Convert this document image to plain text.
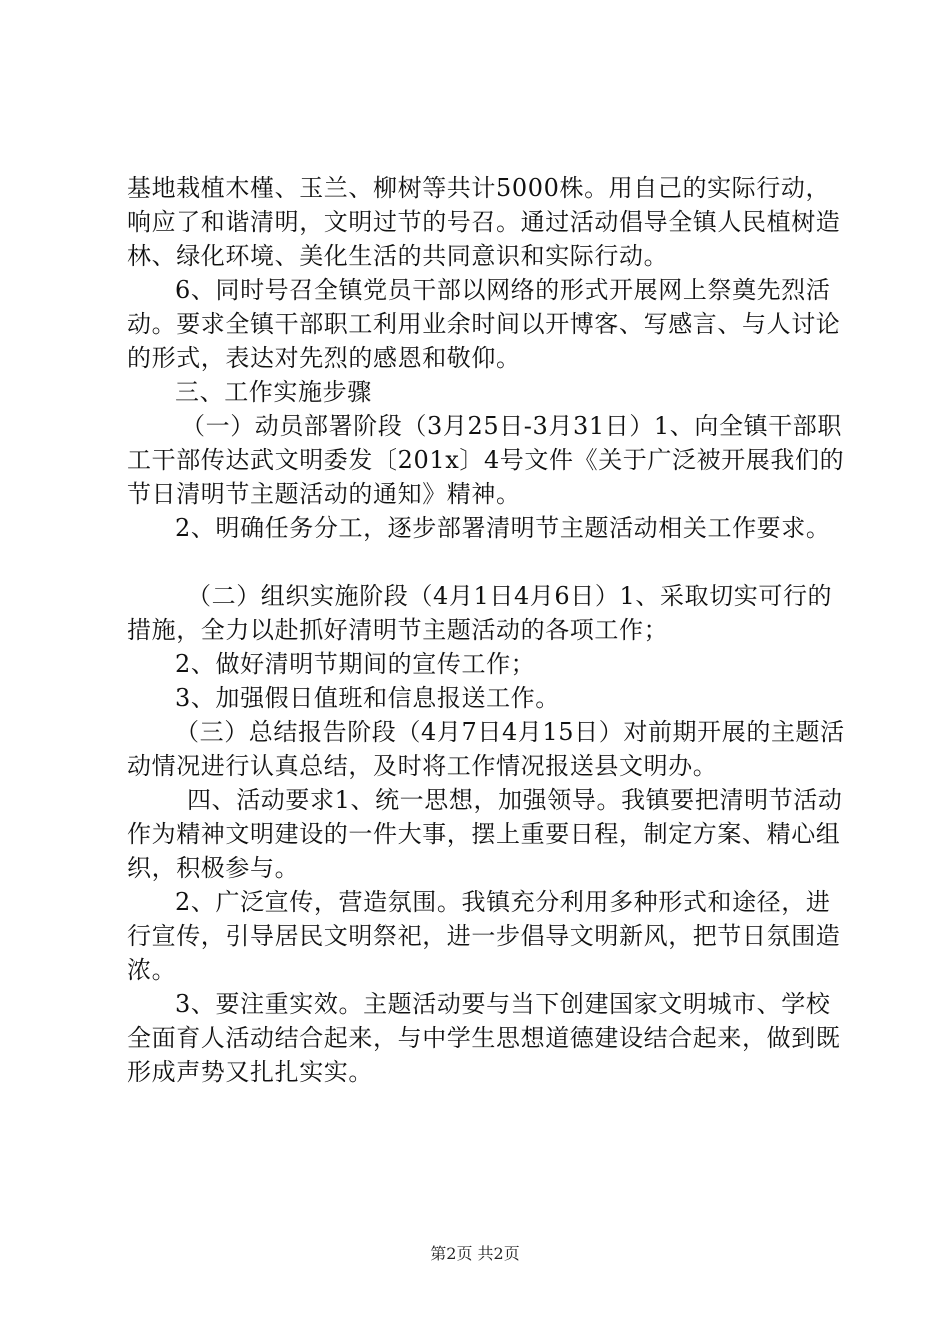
基地栽植木槿、玉兰、柳树等共计5000株。用自己的实际行动，响应了和谐清明，文明过节的号召。通过活动倡导全镇人民植树造林、绿化环境、美化生活的共同意识和实际行动。

6、同时号召全镇党员干部以网络的形式开展网上祭奠先烈活动。要求全镇干部职工利用业余时间以开博客、写感言、与人讨论的形式，表达对先烈的感恩和敬仰。

三、工作实施步骤

（一）动员部署阶段（3月25日-3月31日）1、向全镇干部职工干部传达武文明委发〔201x〕4号文件《关于广泛被开展我们的节日清明节主题活动的通知》精神。

2、明确任务分工，逐步部署清明节主题活动相关工作要求。

（二）组织实施阶段（4月1日4月6日）1、采取切实可行的措施，全力以赴抓好清明节主题活动的各项工作；

2、做好清明节期间的宣传工作；

3、加强假日值班和信息报送工作。

（三）总结报告阶段（4月7日4月15日）对前期开展的主题活动情况进行认真总结，及时将工作情况报送县文明办。

四、活动要求1、统一思想，加强领导。我镇要把清明节活动作为精神文明建设的一件大事，摆上重要日程，制定方案、精心组织，积极参与。

2、广泛宣传，营造氛围。我镇充分利用多种形式和途径，进行宣传，引导居民文明祭祀，进一步倡导文明新风，把节日氛围造浓。

3、要注重实效。主题活动要与当下创建国家文明城市、学校全面育人活动结合起来，与中学生思想道德建设结合起来，做到既形成声势又扎扎实实。

第2页 共2页
